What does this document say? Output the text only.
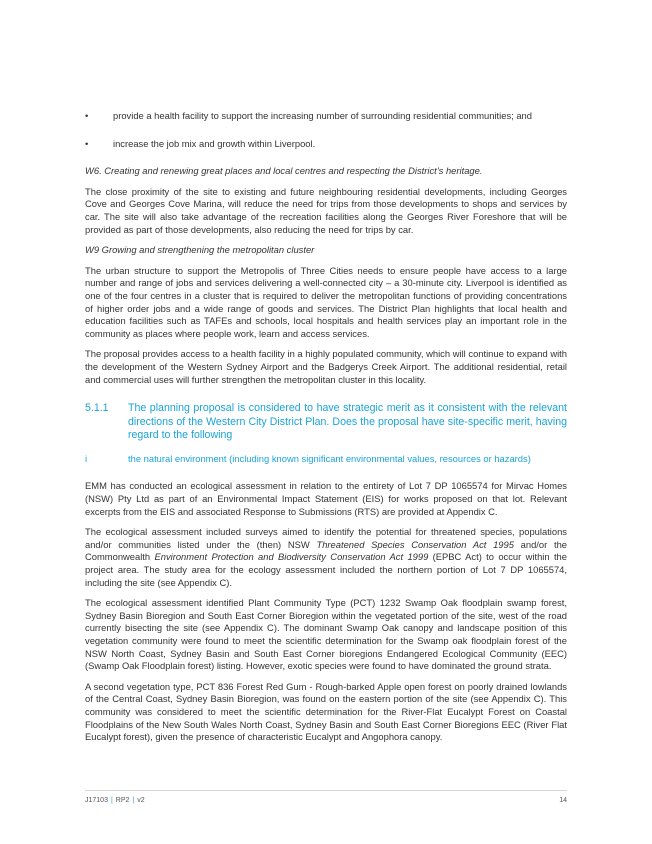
•	provide a health facility to support the increasing number of surrounding residential communities; and
•	increase the job mix and growth within Liverpool.

W6. Creating and renewing great places and local centres and respecting the District’s heritage.

The close proximity of the site to existing and future neighbouring residential developments, including Georges Cove and Georges Cove Marina, will reduce the need for trips from those developments to shops and services by car. The site will also take advantage of the recreation facilities along the Georges River Foreshore that will be provided as part of those developments, also reducing the need for trips by car.

W9 Growing and strengthening the metropolitan cluster

The urban structure to support the Metropolis of Three Cities needs to ensure people have access to a large number and range of jobs and services delivering a well-connected city – a 30-minute city. Liverpool is identified as one of the four centres in a cluster that is required to deliver the metropolitan functions of providing concentrations of higher order jobs and a wide range of goods and services. The District Plan highlights that local health and education facilities such as TAFEs and schools, local hospitals and health services play an important role in the community as places where people work, learn and access services.

The proposal provides access to a health facility in a highly populated community, which will continue to expand with the development of the Western Sydney Airport and the Badgerys Creek Airport. The additional residential, retail and commercial uses will further strengthen the metropolitan cluster in this locality.

5.1.1	The planning proposal is considered to have strategic merit as it consistent with the relevant directions of the Western City District Plan. Does the proposal have site-specific merit, having regard to the following
i	the natural environment (including known significant environmental values, resources or hazards)

EMM has conducted an ecological assessment in relation to the entirety of Lot 7 DP 1065574 for Mirvac Homes (NSW) Pty Ltd as part of an Environmental Impact Statement (EIS) for works proposed on that lot. Relevant excerpts from the EIS and associated Response to Submissions (RTS) are provided at Appendix C.

The ecological assessment included surveys aimed to identify the potential for threatened species, populations and/or communities listed under the (then) NSW Threatened Species Conservation Act 1995 and/or the Commonwealth Environment Protection and Biodiversity Conservation Act 1999 (EPBC Act) to occur within the project area. The study area for the ecology assessment included the northern portion of Lot 7 DP 1065574, including the site (see Appendix C).

The ecological assessment identified Plant Community Type (PCT) 1232 Swamp Oak floodplain swamp forest, Sydney Basin Bioregion and South East Corner Bioregion within the vegetated portion of the site, west of the road currently bisecting the site (see Appendix C). The dominant Swamp Oak canopy and landscape position of this vegetation community were found to meet the scientific determination for the Swamp oak floodplain forest of the NSW North Coast, Sydney Basin and South East Corner bioregions Endangered Ecological Community (EEC) (Swamp Oak Floodplain forest) listing. However, exotic species were found to have dominated the ground strata.

A second vegetation type, PCT 836 Forest Red Gum - Rough-barked Apple open forest on poorly drained lowlands of the Central Coast, Sydney Basin Bioregion, was found on the eastern portion of the site (see Appendix C). This community was considered to meet the scientific determination for the River-Flat Eucalypt Forest on Coastal Floodplains of the New South Wales North Coast, Sydney Basin and South East Corner Bioregions EEC (River Flat Eucalypt forest), given the presence of characteristic Eucalypt and Angophora canopy.

J17103 | RP2 | v2	14
